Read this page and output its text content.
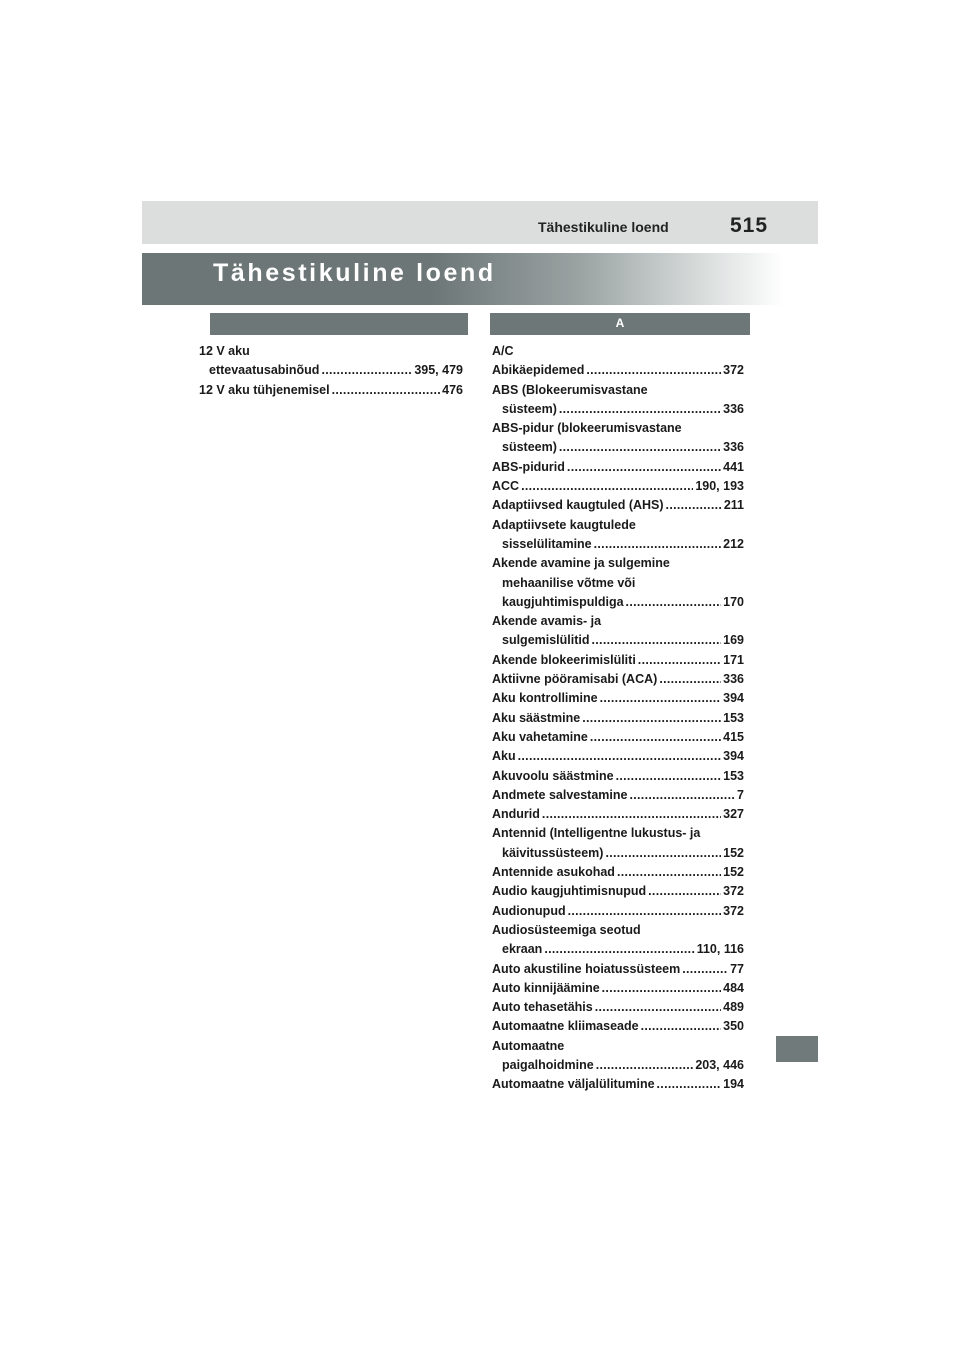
Tähestikuline loend	515
Tähestikuline loend
A
12 V aku
ettevaatusabinõud .....	395, 479
12 V aku tühjenemisel .....	476
A/C
Abikäepidemed .....	372
ABS (Blokeerumisvastane
süsteem) .....	336
ABS-pidur (blokeerumisvastane
süsteem) .....	336
ABS-pidurid .....	441
ACC .....	190, 193
Adaptiivsed kaugtuled (AHS) .....	211
Adaptiivsete kaugtulede
sisselülitamine .....	212
Akende avamine ja sulgemine
mehaanilise võtme või
kaugjuhtimispuldiga .....	170
Akende avamis- ja
sulgemislülitid .....	169
Akende blokeerimislüliti .....	171
Aktiivne pööramisabi (ACA) .....	336
Aku kontrollimine .....	394
Aku säästmine .....	153
Aku vahetamine .....	415
Aku .....	394
Akuvoolu säästmine .....	153
Andmete salvestamine .....	7
Andurid .....	327
Antennid (Intelligentne lukustus- ja
käivitussüsteem) .....	152
Antennide asukohad .....	152
Audio kaugjuhtimisnupud .....	372
Audionupud .....	372
Audiosüsteemiga seotud
ekraan .....	110, 116
Auto akustiline hoiatussüsteem .....	77
Auto kinnijäämine .....	484
Auto tehasetähis .....	489
Automaatne kliimaseade .....	350
Automaatne
paigalhoidmine .....	203, 446
Automaatne väljalülitumine .....	194
